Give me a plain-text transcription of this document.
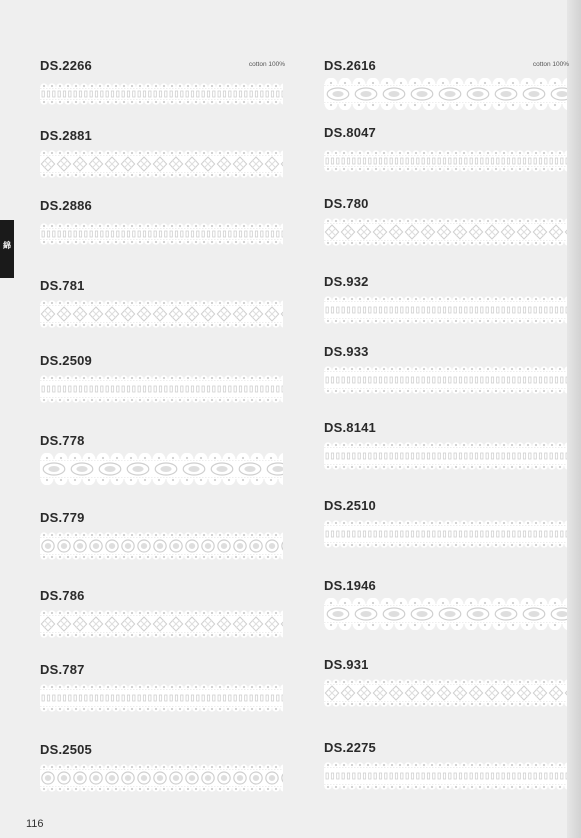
綿
DS.2266	cotton 100%
DS.2881
DS.2886
DS.781
DS.2509
DS.778
DS.779
DS.786
DS.787
DS.2505
DS.2616	cotton 100%
DS.8047
DS.780
DS.932
DS.933
DS.8141
DS.2510
DS.1946
DS.931
DS.2275
116
